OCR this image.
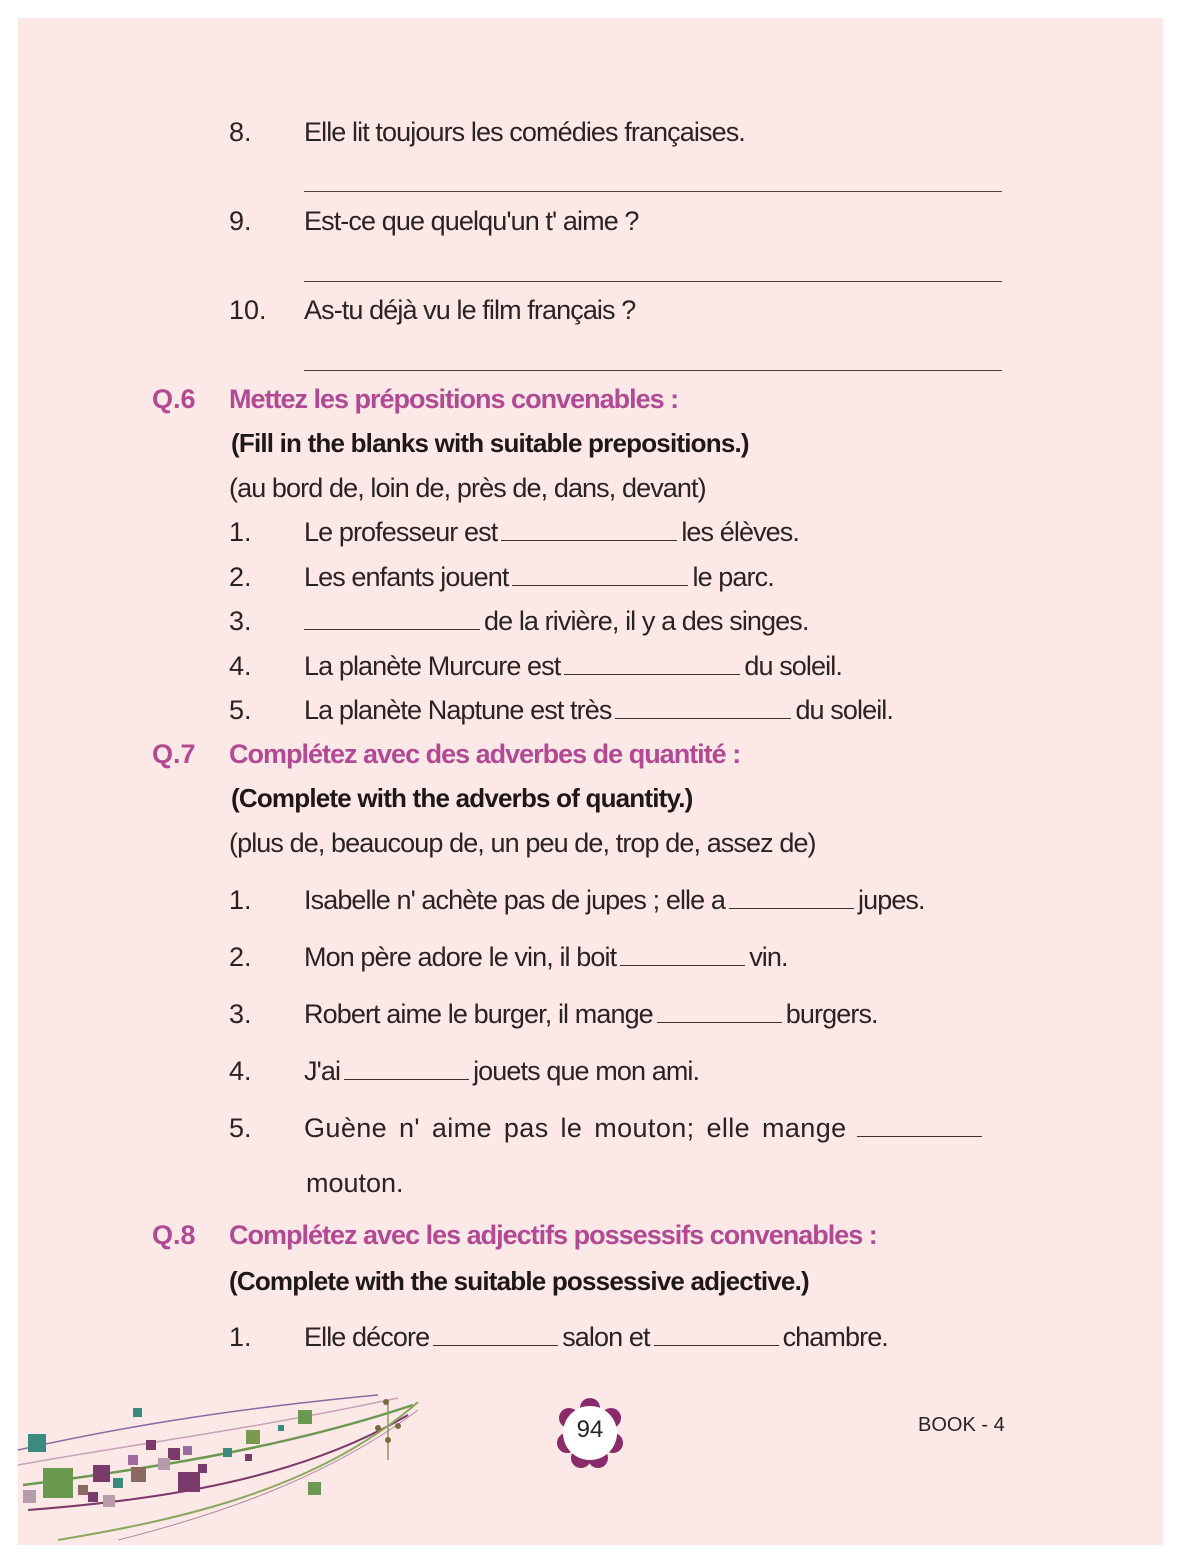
8. Elle lit toujours les comédies françaises.
9. Est-ce que quelqu'un t' aime ?
10. As-tu déjà vu le film français ?
Q.6 Mettez les prépositions convenables :
(Fill in the blanks with suitable prepositions.)
(au bord de, loin de, près de, dans, devant)
1. Le professeur est	les élèves.
2. Les enfants jouent	le parc.
3.	de la rivière, il y a des singes.
4. La planète Murcure est	du soleil.
5. La planète Naptune est très	du soleil.
Q.7 Complétez avec des adverbes de quantité :
(Complete with the adverbs of quantity.)
(plus de, beaucoup de, un peu de, trop de, assez de)
1. Isabelle n' achète pas de jupes ; elle a	jupes.
2. Mon père adore le vin, il boit	vin.
3. Robert aime le burger, il mange	burgers.
4. J'ai	jouets que mon ami.
5. Guène n' aime pas le mouton; elle mange
mouton.
Q.8 Complétez avec les adjectifs possessifs convenables :
(Complete with the suitable possessive adjective.)
1. Elle décore	salon et	chambre.
94	BOOK - 4
